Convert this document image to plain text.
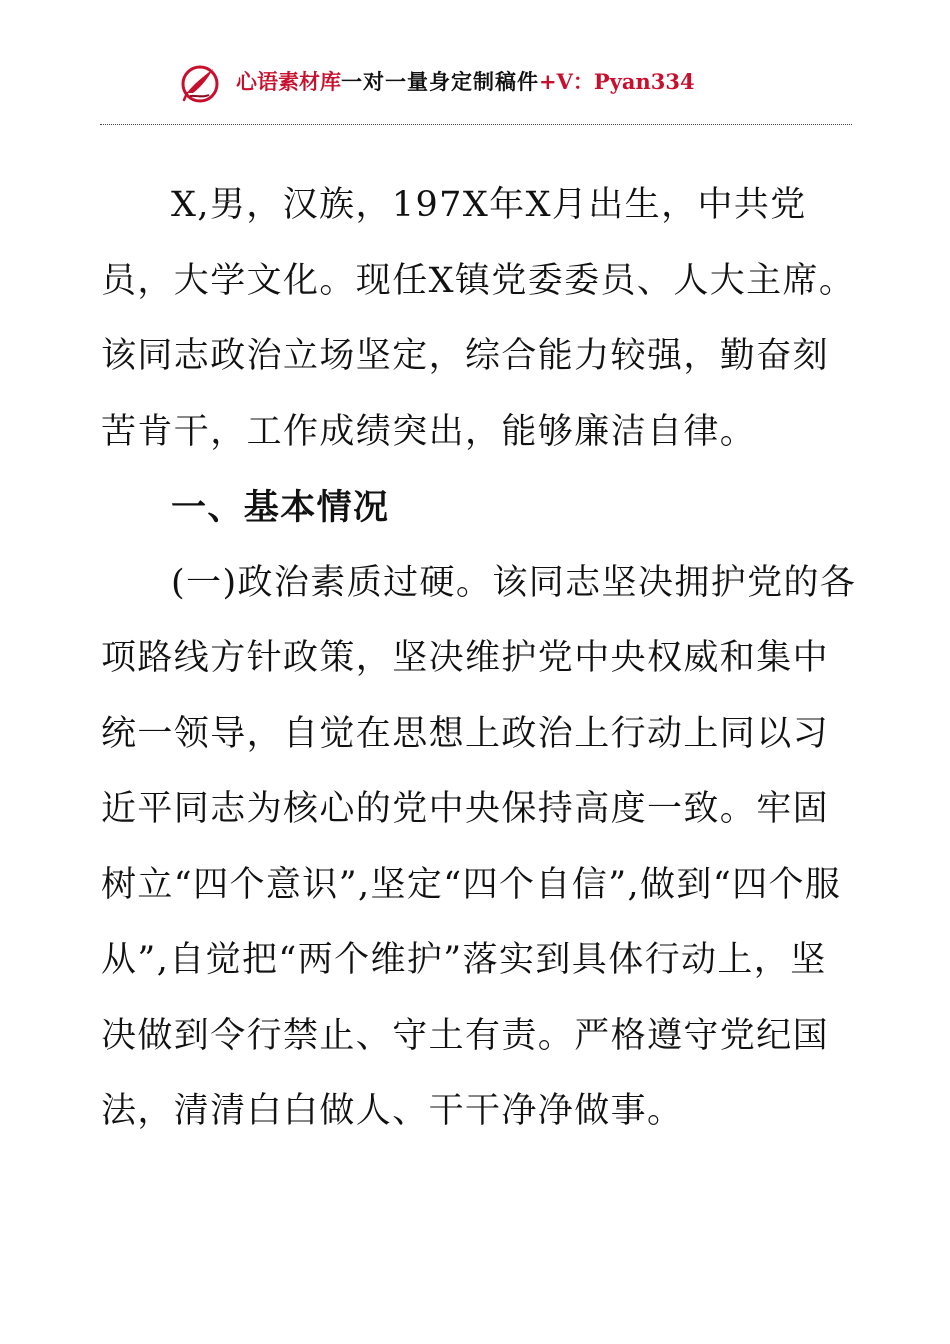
心语素材库一对一量身定制稿件+V：Pyan334

X,男，汉族，197X年X月出生，中共党员，大学文化。现任X镇党委委员、人大主席。该同志政治立场坚定，综合能力较强，勤奋刻苦肯干，工作成绩突出，能够廉洁自律。

一、基本情况

(一)政治素质过硬。该同志坚决拥护党的各项路线方针政策，坚决维护党中央权威和集中统一领导，自觉在思想上政治上行动上同以习近平同志为核心的党中央保持高度一致。牢固树立“四个意识”,坚定“四个自信”,做到“四个服从”,自觉把“两个维护”落实到具体行动上，坚决做到令行禁止、守土有责。严格遵守党纪国法，清清白白做人、干干净净做事。
